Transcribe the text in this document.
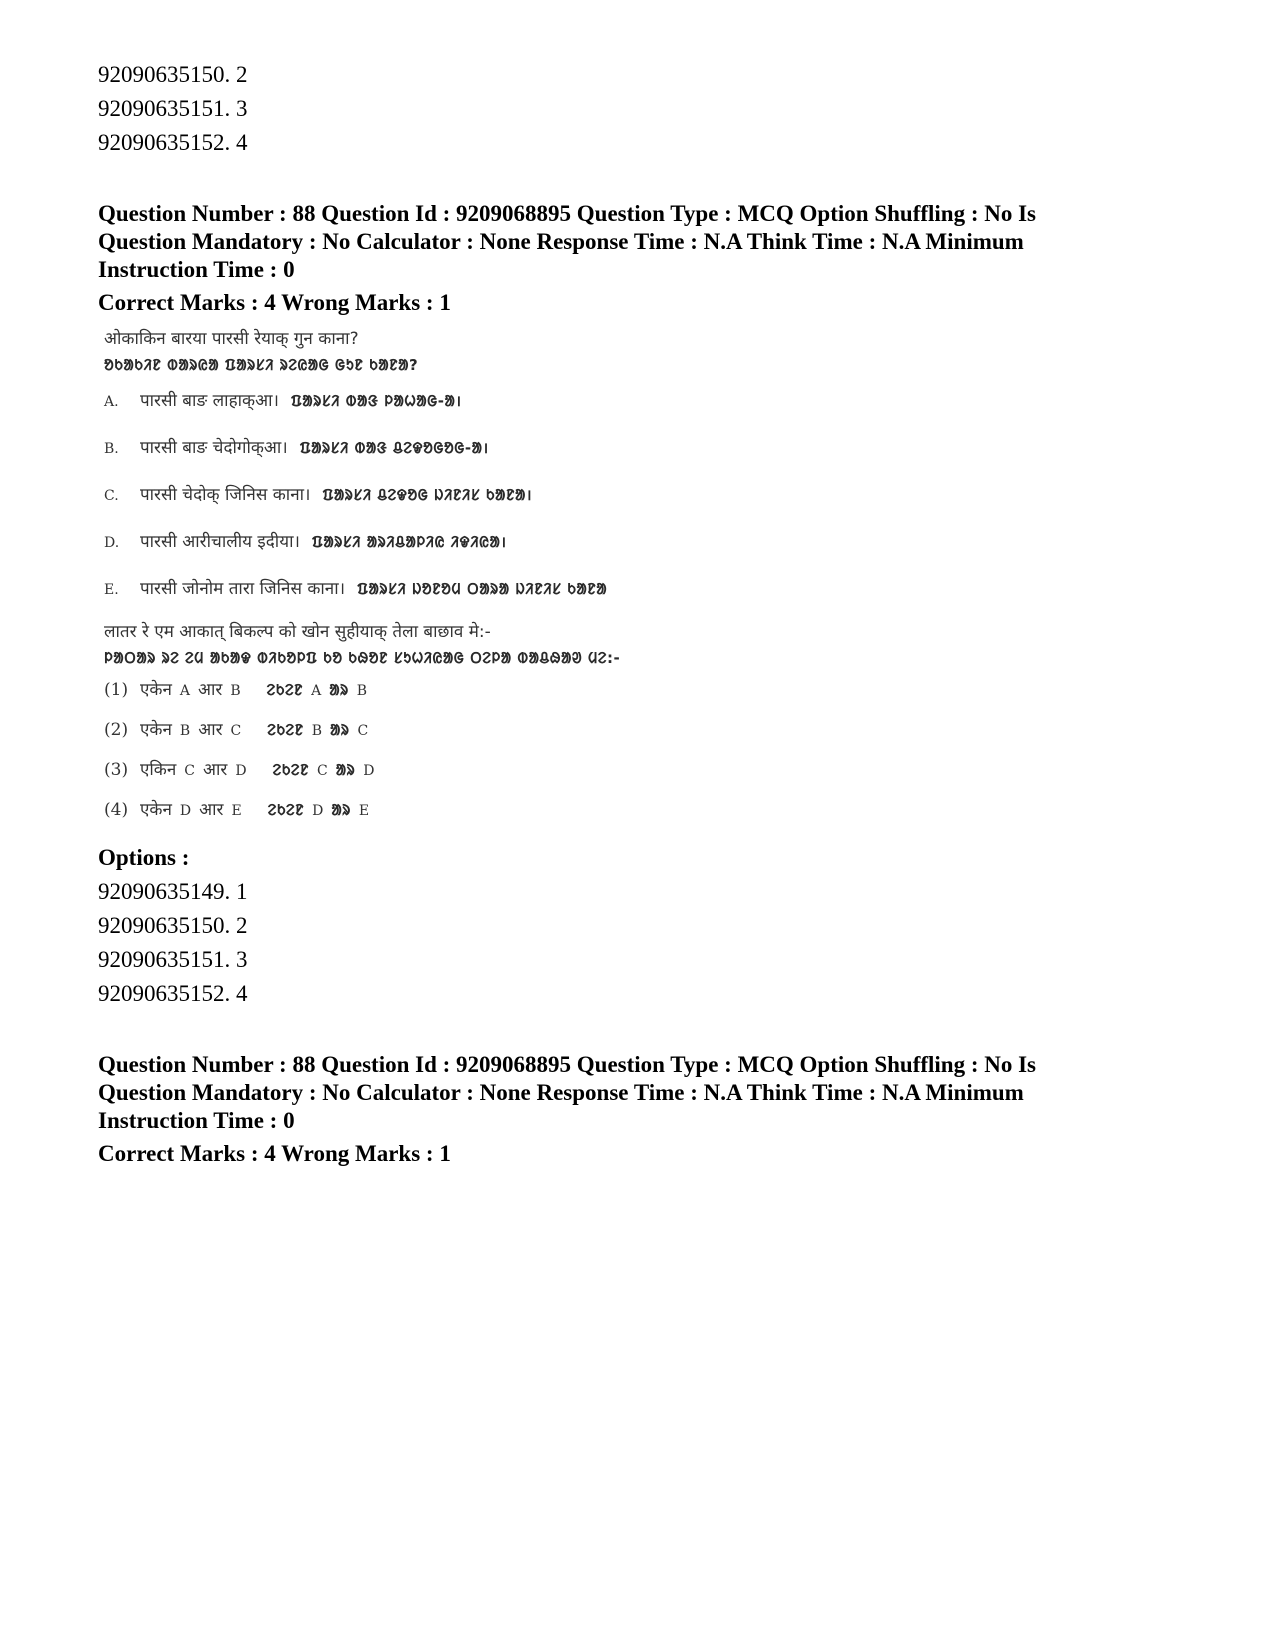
92090635150. 2

92090635151. 3

92090635152. 4

Question Number : 88 Question Id : 9209068895 Question Type : MCQ Option Shuffling : No Is
Question Mandatory : No Calculator : None Response Time : N.A Think Time : N.A Minimum
Instruction Time : 0

Correct Marks : 4 Wrong Marks : 1

ओकाकिन बारया पारसी रेयाक् गुन काना?
ᱚᱠᱟᱠᱤᱱ ᱵᱟᱨᱭᱟ ᱯᱟᱨᱥᱤ ᱨᱮᱭᱟᱜ ᱜᱩᱱ ᱠᱟᱱᱟ?
A.	पारसी बाङ लाहाक्आ। ᱯᱟᱨᱥᱤ ᱵᱟᱝ ᱞᱟᱦᱟᱜ-ᱟ।
B.	पारसी बाङ चेदोगोक्आ। ᱯᱟᱨᱥᱤ ᱵᱟᱝ ᱪᱮᱫᱚᱜᱚᱜ-ᱟ।
C.	पारसी चेदोक् जिनिस काना। ᱯᱟᱨᱥᱤ ᱪᱮᱫᱚᱜ ᱡᱤᱱᱤᱥ ᱠᱟᱱᱟ।
D.	पारसी आरीचालीय इदीया। ᱯᱟᱨᱥᱤ ᱟᱨᱤᱪᱟᱞᱤᱭ ᱤᱫᱤᱭᱟ।
E.	पारसी जोनोम तारा जिनिस काना। ᱯᱟᱨᱥᱤ ᱡᱚᱱᱚᱢ ᱛᱟᱨᱟ ᱡᱤᱱᱤᱥ ᱠᱟᱱᱟ
लातर रे एम आकात् बिकल्प को खोन सुहीयाक् तेला बाछाव मे:-
ᱞᱟᱛᱟᱨ ᱨᱮ ᱮᱢ ᱟᱠᱟᱫ ᱵᱤᱠᱚᱞᱯ ᱠᱚ ᱠᱷᱚᱱ ᱥᱩᱦᱤᱭᱟᱜ ᱛᱮᱞᱟ ᱵᱟᱪᱷᱟᱣ ᱢᱮ:-
(1) एकेन A आर B ᱮᱠᱮᱱ A ᱟᱨ B
(2) एकेन B आर C ᱮᱠᱮᱱ B ᱟᱨ C
(3) एकिन C आर D ᱮᱠᱮᱱ C ᱟᱨ D
(4) एकेन D आर E ᱮᱠᱮᱱ D ᱟᱨ E

Options :

92090635149. 1

92090635150. 2

92090635151. 3

92090635152. 4

Question Number : 88 Question Id : 9209068895 Question Type : MCQ Option Shuffling : No Is
Question Mandatory : No Calculator : None Response Time : N.A Think Time : N.A Minimum
Instruction Time : 0

Correct Marks : 4 Wrong Marks : 1
